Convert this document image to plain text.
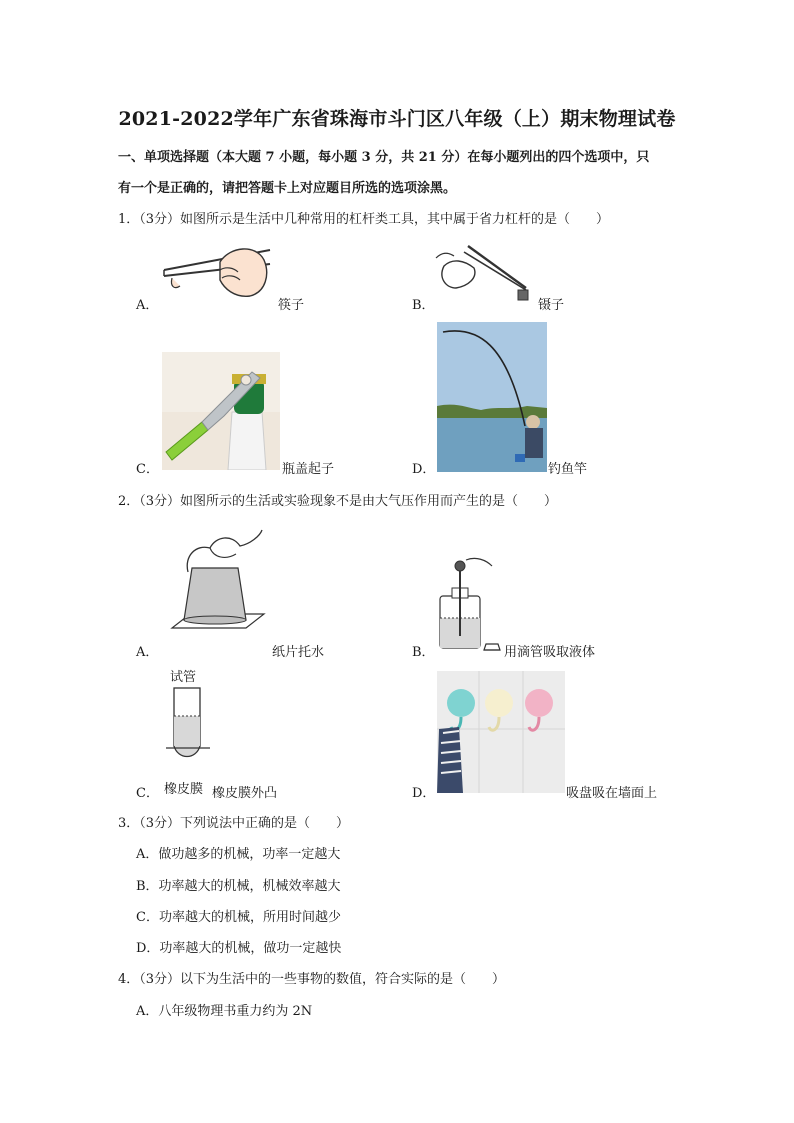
2021-2022学年广东省珠海市斗门区八年级（上）期末物理试卷
一、单项选择题（本大题 7 小题，每小题 3 分，共 21 分）在每小题列出的四个选项中，只
有一个是正确的，请把答题卡上对应题目所选的选项涂黑。
1．（3分）如图所示是生活中几种常用的杠杆类工具，其中属于省力杠杆的是（　　）
A．	筷子	B．	镊子
C．	瓶盖起子	D．	钓鱼竿
2．（3分）如图所示的生活或实验现象不是由大气压作用而产生的是（　　）
A．	纸片托水	B．	用滴管吸取液体
试管
C． 橡皮膜 橡皮膜外凸	D．	吸盘吸在墙面上
3．（3分）下列说法中正确的是（　　）
A．做功越多的机械，功率一定越大
B．功率越大的机械，机械效率越大
C．功率越大的机械，所用时间越少
D．功率越大的机械，做功一定越快
4．（3分）以下为生活中的一些事物的数值，符合实际的是（　　）
A．八年级物理书重力约为 2N
